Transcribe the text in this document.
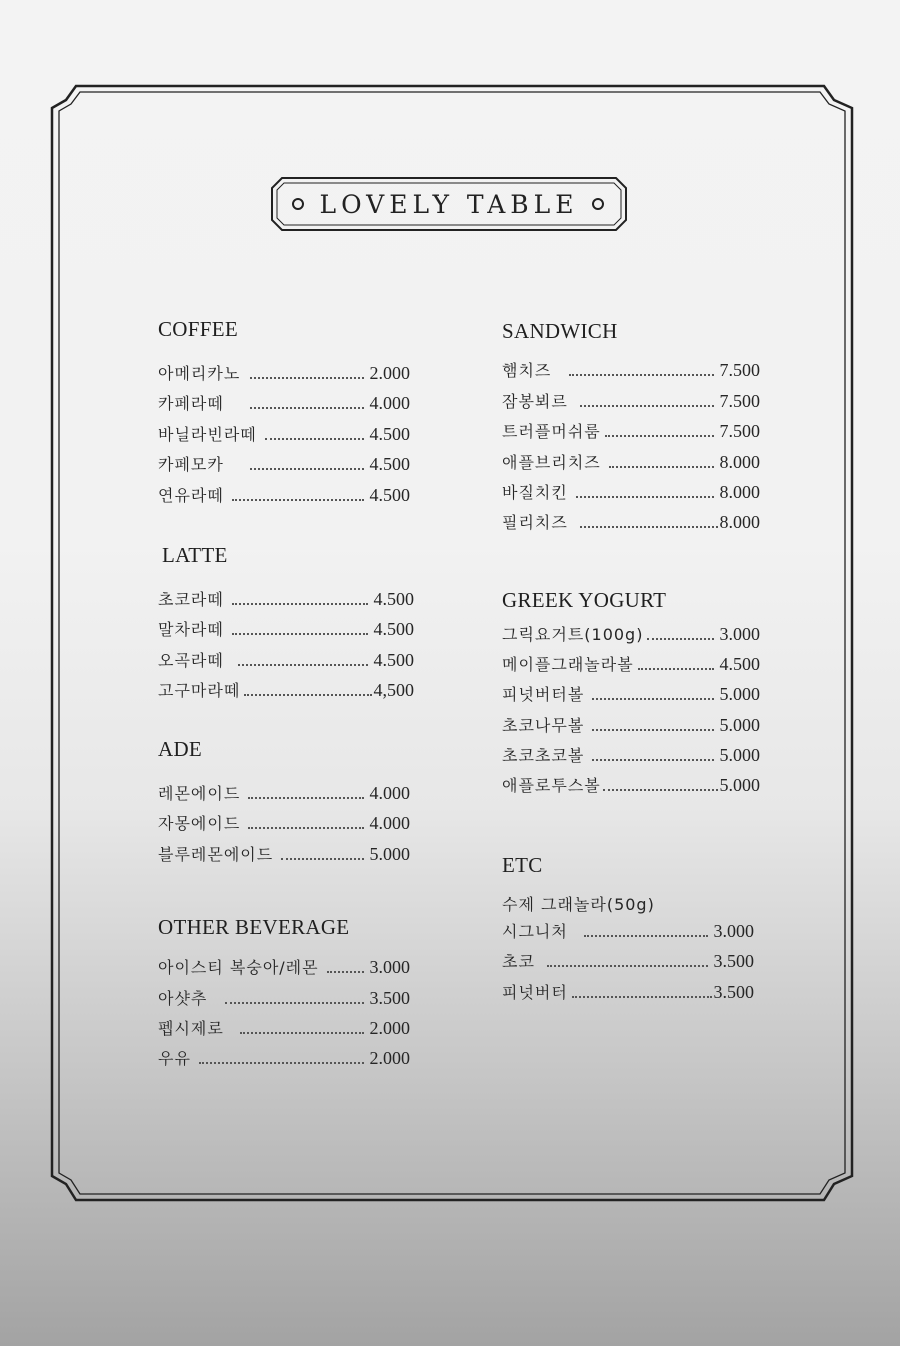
LOVELY TABLE
COFFEE
아메리카노	2.000
카페라떼	4.000
바닐라빈라떼	4.500
카페모카	4.500
연유라떼	4.500
LATTE
초코라떼	4.500
말차라떼	4.500
오곡라떼	4.500
고구마라떼	4,500
ADE
레몬에이드	4.000
자몽에이드	4.000
블루레몬에이드	5.000
OTHER BEVERAGE
아이스티 복숭아/레몬	3.000
아샷추	3.500
펩시제로	2.000
우유	2.000
SANDWICH
햄치즈	7.500
잠봉뵈르	7.500
트러플머쉬룸	7.500
애플브리치즈	8.000
바질치킨	8.000
필리치즈	8.000
GREEK YOGURT
그릭요거트(100g)	3.000
메이플그래놀라볼	4.500
피넛버터볼	5.000
초코나무볼	5.000
초코초코볼	5.000
애플로투스볼	5.000
ETC
수제 그래놀라(50g)
시그니처	3.000
초코	3.500
피넛버터	3.500
